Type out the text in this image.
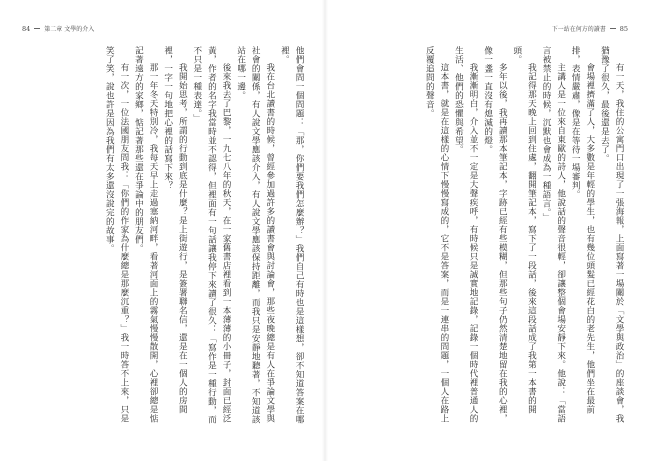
84 第二章 文學的介入

他們會問一個問題：「那，你們要我們怎麼辦？」我們自己有時也是這樣想，卻不知道答案在哪裡。

我在台北讀書的時候，曾經參加過許多的讀書會與討論會，那些夜晚總是有人在爭論文學與社會的關係，有人說文學應該介入，有人說文學應該保持距離，而我只是安靜地聽著，不知道該站在哪一邊。

後來我去了巴黎，一九七八年的秋天，在一家舊書店裡看到一本薄薄的小冊子，封面已經泛黃，作者的名字我當時並不認得，但裡面有一句話讓我停下來讀了很久：「寫作是一種行動，而不只是一種表達。」

我開始思考，所謂的行動到底是什麼？是上街遊行，是簽署聯名信，還是在一個人的房間裡，一字一句地把心裡的話寫下來？

那一年冬天特別冷，我每天早上走過塞納河畔，看著河面上的霧氣慢慢散開，心裡卻總是惦記著遠方的家鄉，惦記著那些還在爭論中的朋友們。

有一次，一位法國朋友問我：「你們的作家為什麼總是那麼沉重？」我一時答不上來，只是笑了笑，說也許是因為我們有太多還沒說完的故事。

下一站在何方的讀書 85

有一天，我住的公寓門口出現了一張海報，上面寫著一場關於「文學與政治」的座談會，我猶豫了很久，最後還是去了。

會場裡擠滿了人，大多數是年輕的學生，也有幾位頭髮已經花白的老先生，他們坐在最前排，表情嚴肅，像是在等待一場審判。

主講人是一位來自東歐的詩人，他說話的聲音很輕，卻讓整個會場安靜下來。他說：「當語言被禁止的時候，沉默也會成為一種語言。」

我記得那天晚上回到住處，翻開筆記本，寫下了一段話，後來這段話成了我第一本書的開頭。

多年以後，我再讀那本筆記本，字跡已經有些模糊，但那些句子仍然清楚地留在我的心裡，像一盞一直沒有熄滅的燈。

我漸漸明白，介入並不一定是大聲疾呼，有時候只是誠實地記錄，記錄一個時代裡普通人的生活、他們的恐懼與希望。

這本書，就是在這樣的心情下慢慢寫成的，它不是答案，而是一連串的問題，一個人在路上反覆追問的聲音。
